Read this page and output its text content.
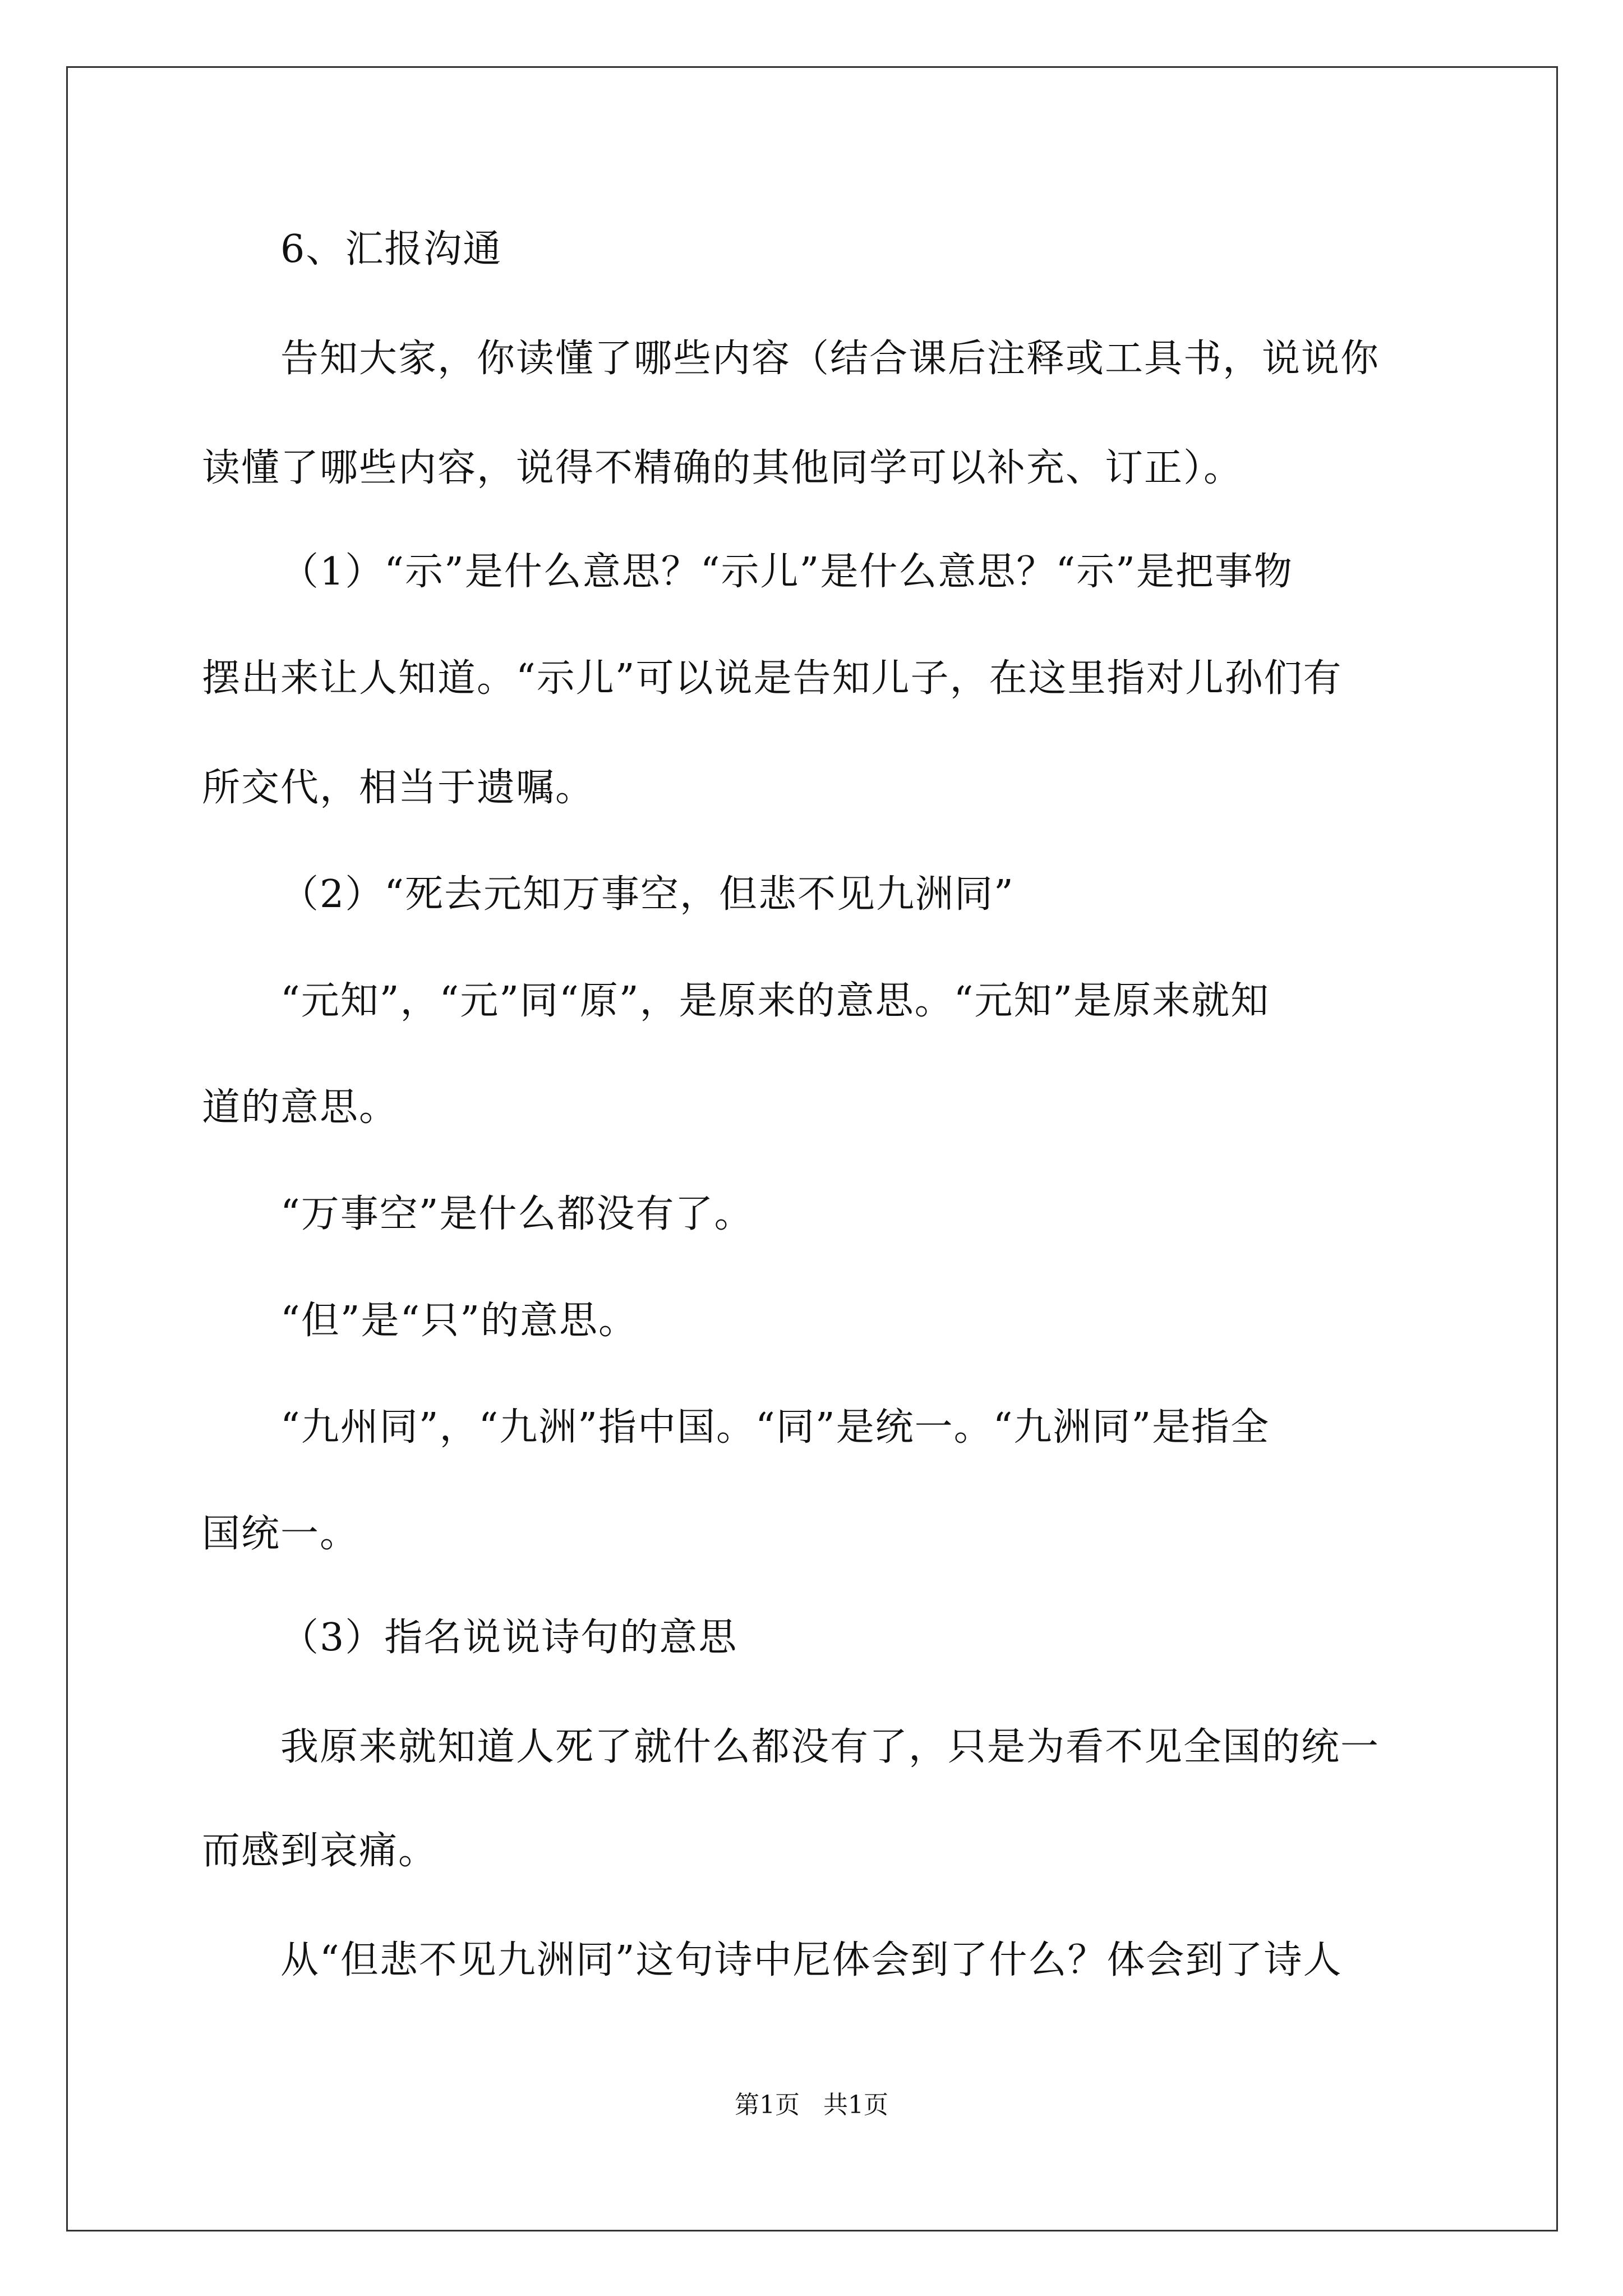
6、汇报沟通
告知大家，你读懂了哪些内容（结合课后注释或工具书，说说你
读懂了哪些内容，说得不精确的其他同学可以补充、订正）。
（1）“示”是什么意思？“示儿”是什么意思？“示”是把事物
摆出来让人知道。“示儿”可以说是告知儿子，在这里指对儿孙们有
所交代，相当于遗嘱。
（2）“死去元知万事空，但悲不见九洲同”
“元知”，“元”同“原”，是原来的意思。“元知”是原来就知
道的意思。
“万事空”是什么都没有了。
“但”是“只”的意思。
“九州同”，“九洲”指中国。“同”是统一。“九洲同”是指全
国统一。
（3）指名说说诗句的意思
我原来就知道人死了就什么都没有了，只是为看不见全国的统一
而感到哀痛。
从“但悲不见九洲同”这句诗中尼体会到了什么？体会到了诗人
第1页   共1页
